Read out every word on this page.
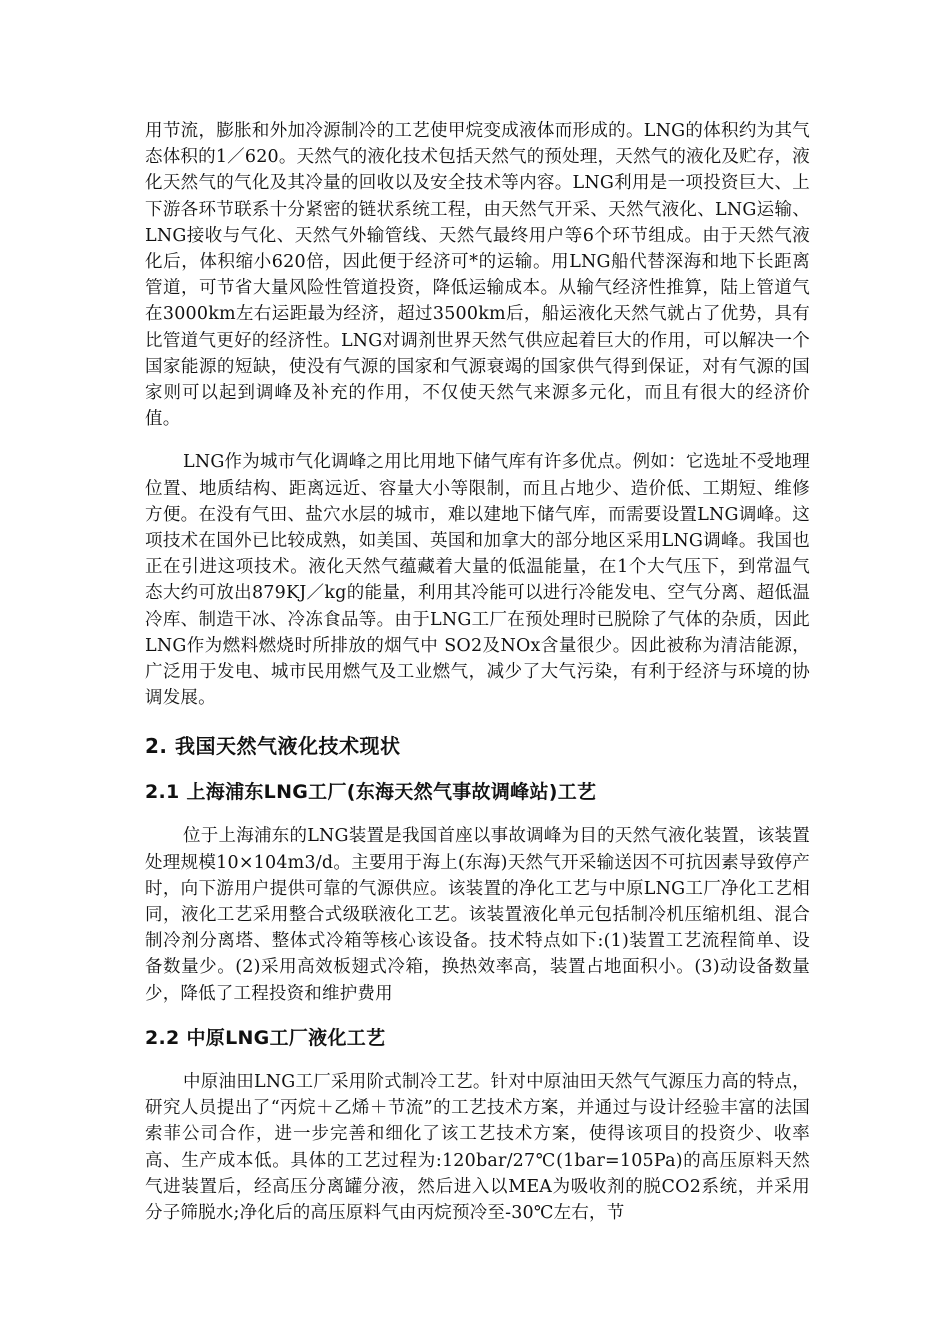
用节流，膨胀和外加冷源制冷的工艺使甲烷变成液体而形成的。LNG的体积约为其气态体积的1／620。天然气的液化技术包括天然气的预处理，天然气的液化及贮存，液化天然气的气化及其冷量的回收以及安全技术等内容。LNG利用是一项投资巨大、上下游各环节联系十分紧密的链状系统工程，由天然气开采、天然气液化、LNG运输、LNG接收与气化、天然气外输管线、天然气最终用户等6个环节组成。由于天然气液化后，体积缩小620倍，因此便于经济可*的运输。用LNG船代替深海和地下长距离管道，可节省大量风险性管道投资，降低运输成本。从输气经济性推算，陆上管道气在3000km左右运距最为经济，超过3500km后，船运液化天然气就占了优势，具有比管道气更好的经济性。LNG对调剂世界天然气供应起着巨大的作用，可以解决一个国家能源的短缺，使没有气源的国家和气源衰竭的国家供气得到保证，对有气源的国家则可以起到调峰及补充的作用，不仅使天然气来源多元化，而且有很大的经济价值。

LNG作为城市气化调峰之用比用地下储气库有许多优点。例如：它选址不受地理位置、地质结构、距离远近、容量大小等限制，而且占地少、造价低、工期短、维修方便。在没有气田、盐穴水层的城市，难以建地下储气库，而需要设置LNG调峰。这项技术在国外已比较成熟，如美国、英国和加拿大的部分地区采用LNG调峰。我国也正在引进这项技术。液化天然气蕴藏着大量的低温能量，在1个大气压下，到常温气态大约可放出879KJ／kg的能量，利用其冷能可以进行冷能发电、空气分离、超低温冷库、制造干冰、冷冻食品等。由于LNG工厂在预处理时已脱除了气体的杂质，因此LNG作为燃料燃烧时所排放的烟气中 SO2及NOx含量很少。因此被称为清洁能源，广泛用于发电、城市民用燃气及工业燃气，减少了大气污染，有利于经济与环境的协调发展。

2. 我国天然气液化技术现状
2.1 上海浦东LNG工厂(东海天然气事故调峰站)工艺

位于上海浦东的LNG装置是我国首座以事故调峰为目的天然气液化装置，该装置处理规模10×104m3/d。主要用于海上(东海)天然气开采输送因不可抗因素导致停产时，向下游用户提供可靠的气源供应。该装置的净化工艺与中原LNG工厂净化工艺相同，液化工艺采用整合式级联液化工艺。该装置液化单元包括制冷机压缩机组、混合制冷剂分离塔、整体式冷箱等核心该设备。技术特点如下:(1)装置工艺流程简单、设备数量少。(2)采用高效板翅式冷箱，换热效率高，装置占地面积小。(3)动设备数量少，降低了工程投资和维护费用

2.2 中原LNG工厂液化工艺

中原油田LNG工厂采用阶式制冷工艺。针对中原油田天然气气源压力高的特点，研究人员提出了“丙烷＋乙烯＋节流”的工艺技术方案，并通过与设计经验丰富的法国索菲公司合作，进一步完善和细化了该工艺技术方案，使得该项目的投资少、收率高、生产成本低。具体的工艺过程为:120bar/27℃(1bar=105Pa)的高压原料天然气进装置后，经高压分离罐分液，然后进入以MEA为吸收剂的脱CO2系统，并采用分子筛脱水;净化后的高压原料气由丙烷预冷至-30℃左右，节
